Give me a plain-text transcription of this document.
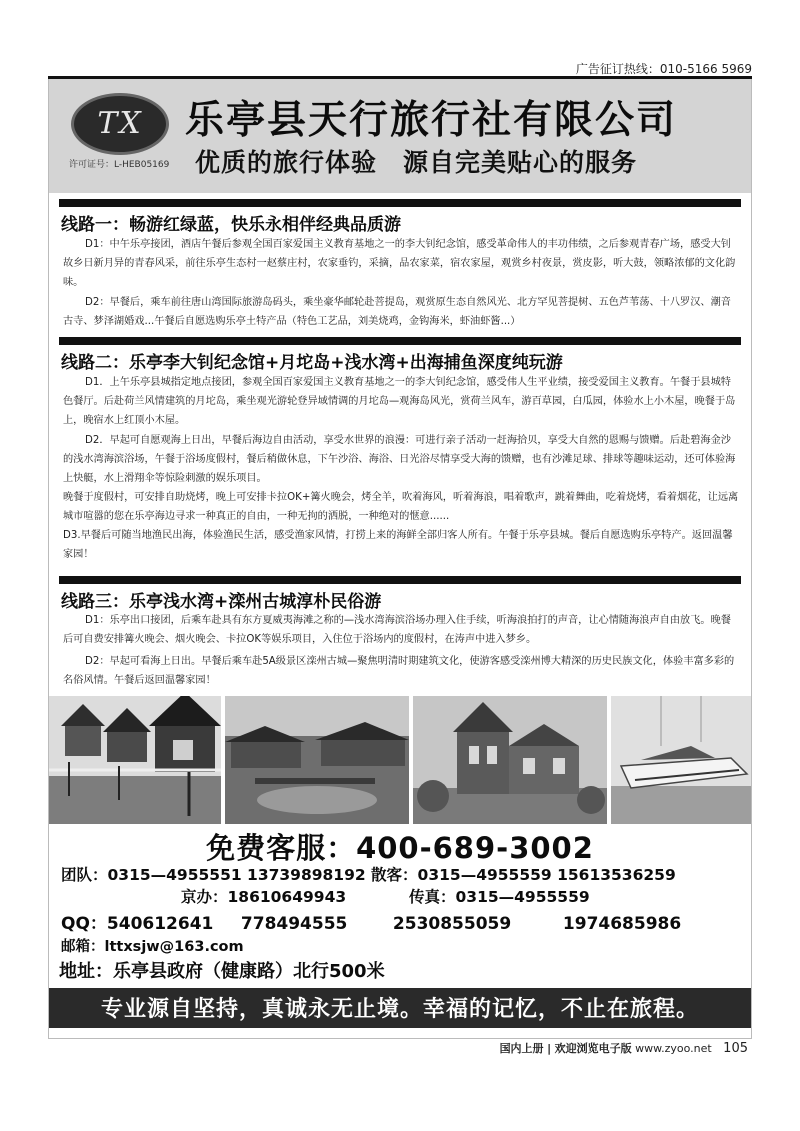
广告征订热线：010-5166 5969
TX
许可证号：L-HEB05169
乐亭县天行旅行社有限公司
优质的旅行体验　源自完美贴心的服务
线路一：畅游红绿蓝，快乐永相伴经典品质游
D1：中午乐亭接团，酒店午餐后参观全国百家爱国主义教育基地之一的李大钊纪念馆，感受革命伟人的丰功伟绩，之后参观青春广场，感受大钊故乡日新月异的青春风采，前往乐亭生态村一赵蔡庄村，农家垂钓，采摘，品农家菜，宿农家屋，观赏乡村夜景，赏皮影，听大鼓，领略浓郁的文化韵味。
D2：早餐后，乘车前往唐山湾国际旅游岛码头，乘坐豪华邮轮赴菩提岛，观赏原生态自然风光、北方罕见菩提树、五色芦苇荡、十八罗汉、潮音古寺、梦泽湖婚戏...午餐后自愿选购乐亭土特产品（特色工艺品，刘美烧鸡，金钩海米，虾油虾酱...）
线路二：乐亭李大钊纪念馆+月坨岛+浅水湾+出海捕鱼深度纯玩游
D1．上午乐亭县城指定地点接团，参观全国百家爱国主义教育基地之一的李大钊纪念馆，感受伟人生平业绩，接受爱国主义教育。午餐于县城特色餐厅。后赴荷兰风情建筑的月坨岛，乘坐观光游轮登异域情调的月坨岛—观海岛风光，赏荷兰风车，游百草园，白瓜园，体验水上小木屋，晚餐于岛上，晚宿水上红顶小木屋。
D2．早起可自愿观海上日出，早餐后海边自由活动，享受水世界的浪漫：可进行亲子活动一赶海拾贝，享受大自然的恩赐与馈赠。后赴碧海金沙的浅水湾海滨浴场，午餐于浴场度假村，餐后稍做休息，下午沙浴、海浴、日光浴尽情享受大海的馈赠，也有沙滩足球、排球等趣味运动，还可体验海上快艇，水上滑翔伞等惊险刺激的娱乐项目。
晚餐于度假村，可安排自助烧烤，晚上可安排卡拉OK+篝火晚会，烤全羊，吹着海风，听着海浪，唱着歌声，跳着舞曲，吃着烧烤，看着烟花，让远离城市喧嚣的您在乐亭海边寻求一种真正的自由，一种无拘的洒脱，一种绝对的惬意......
D3.早餐后可随当地渔民出海，体验渔民生活，感受渔家风情，打捞上来的海鲜全部归客人所有。午餐于乐亭县城。餐后自愿选购乐亭特产。返回温馨家园！
线路三：乐亭浅水湾+滦州古城淳朴民俗游
D1：乐亭出口接团，后乘车赴具有东方夏威夷海滩之称的—浅水湾海滨浴场办理入住手续，听海浪拍打的声音，让心情随海浪声自由放飞。晚餐后可自费安排篝火晚会、烟火晚会、卡拉OK等娱乐项目，入住位于浴场内的度假村，在涛声中进入梦乡。
D2：早起可看海上日出。早餐后乘车赴5A级景区滦州古城—聚焦明清时期建筑文化，使游客感受滦州博大精深的历史民族文化，体验丰富多彩的名俗风情。午餐后返回温馨家园！
免费客服：400-689-3002
团队：0315—4955551 13739898192 散客：0315—4955559 15613536259
京办：18610649943	传真：0315—4955559
QQ：540612641 778494555	2530855059	1974685986
邮箱：lttxsjw@163.com
地址：乐亭县政府（健康路）北行500米
专业源自坚持，真诚永无止境。幸福的记忆，不止在旅程。
国内上册 | 欢迎浏览电子版 www.zyoo.net 105
